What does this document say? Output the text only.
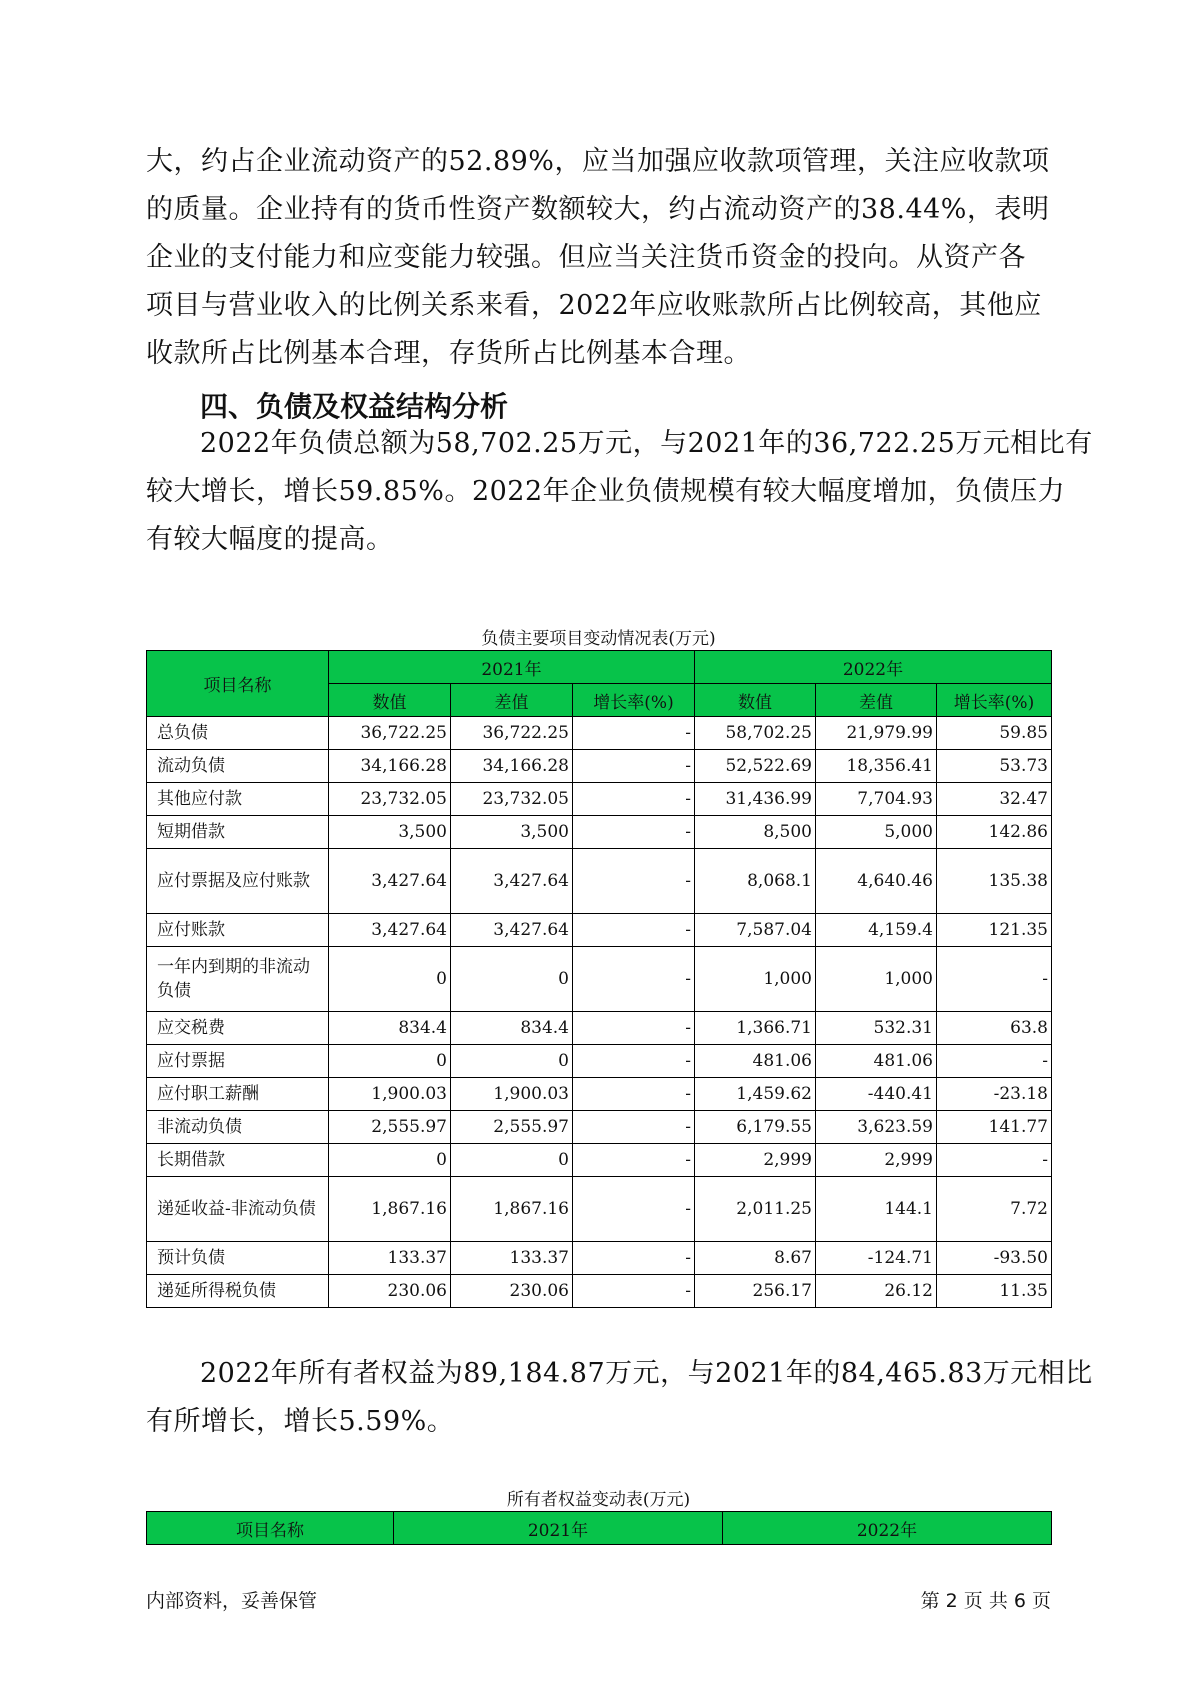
大，约占企业流动资产的52.89%，应当加强应收款项管理，关注应收款项
的质量。企业持有的货币性资产数额较大，约占流动资产的38.44%，表明
企业的支付能力和应变能力较强。但应当关注货币资金的投向。从资产各
项目与营业收入的比例关系来看，2022年应收账款所占比例较高，其他应
收款所占比例基本合理，存货所占比例基本合理。

四、负债及权益结构分析

2022年负债总额为58,702.25万元，与2021年的36,722.25万元相比有
较大增长，增长59.85%。2022年企业负债规模有较大幅度增加，负债压力
有较大幅度的提高。

负债主要项目变动情况表(万元)
项目名称	2021年			2022年		
	数值	差值	增长率(%)	数值	差值	增长率(%)
总负债	36,722.25	36,722.25	-	58,702.25	21,979.99	59.85
流动负债	34,166.28	34,166.28	-	52,522.69	18,356.41	53.73
其他应付款	23,732.05	23,732.05	-	31,436.99	7,704.93	32.47
短期借款	3,500	3,500	-	8,500	5,000	142.86
应付票据及应付账款	3,427.64	3,427.64	-	8,068.1	4,640.46	135.38
应付账款	3,427.64	3,427.64	-	7,587.04	4,159.4	121.35
一年内到期的非流动负债	0	0	-	1,000	1,000	-
应交税费	834.4	834.4	-	1,366.71	532.31	63.8
应付票据	0	0	-	481.06	481.06	-
应付职工薪酬	1,900.03	1,900.03	-	1,459.62	-440.41	-23.18
非流动负债	2,555.97	2,555.97	-	6,179.55	3,623.59	141.77
长期借款	0	0	-	2,999	2,999	-
递延收益-非流动负债	1,867.16	1,867.16	-	2,011.25	144.1	7.72
预计负债	133.37	133.37	-	8.67	-124.71	-93.50
递延所得税负债	230.06	230.06	-	256.17	26.12	11.35

2022年所有者权益为89,184.87万元，与2021年的84,465.83万元相比
有所增长，增长5.59%。

所有者权益变动表(万元)
项目名称	2021年	2022年
内部资料，妥善保管	第 2 页 共 6 页
